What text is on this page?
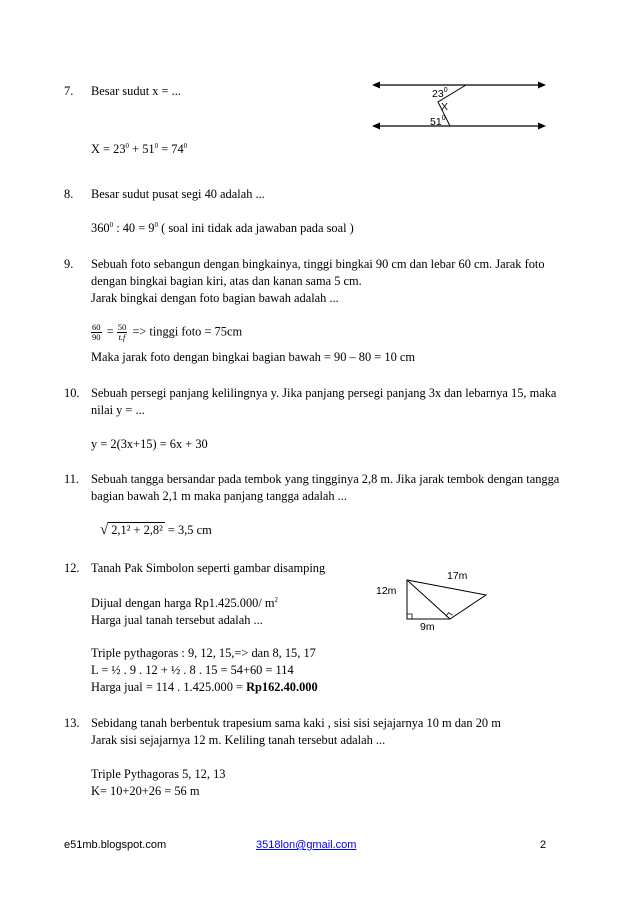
7. Besar sudut x = ...
$X = 23^0 + 51^0 = 74^0$
$23^0$
X
$51^0$
8. Besar sudut pusat segi 40 adalah ...
$360^0$ : $40 = 9^0$ ( soal ini tidak ada jawaban pada soal )
9. Sebuah foto sebangun dengan bingkainya, tinggi bingkai 90 cm dan lebar 60 cm. Jarak foto
dengan bingkai bagian kiri, atas dan kanan sama 5 cm.
Jarak bingkai dengan foto bagian bawah adalah ...
$\frac{60}{90} = \frac{50}{t.f}$ => tinggi foto = 75cm
Maka jarak foto dengan bingkai bagian bawah = 90 – 80 = 10 cm
10. Sebuah persegi panjang kelilingnya y. Jika panjang persegi panjang 3x dan lebarnya 15, maka
nilai y = ...
y = 2(3x+15) = 6x + 30
11. Sebuah tangga bersandar pada tembok yang tingginya 2,8 m. Jika jarak tembok dengan tangga
bagian bawah 2,1 m maka panjang tangga adalah ...
√ 2,1² + 2,8² = 3,5 cm
12. Tanah Pak Simbolon seperti gambar disamping
Dijual dengan harga Rp1.425.000/ $m^2$
Harga jual tanah tersebut adalah ...
12m
17m
9m
Triple pythagoras : 9, 12, 15,=> dan 8, 15, 17
L = ½ . 9 . 12 + ½ . 8 . 15 = 54+60 = 114
Harga jual = 114 . 1.425.000 = Rp162.40.000
13. Sebidang tanah berbentuk trapesium sama kaki , sisi sisi sejajarnya 10 m dan 20 m
Jarak sisi sejajarnya 12 m. Keliling tanah tersebut adalah ...
Triple Pythagoras 5, 12, 13
K= 10+20+26 = 56 m
e51mb.blogspot.com	3518lon@gmail.com	2
